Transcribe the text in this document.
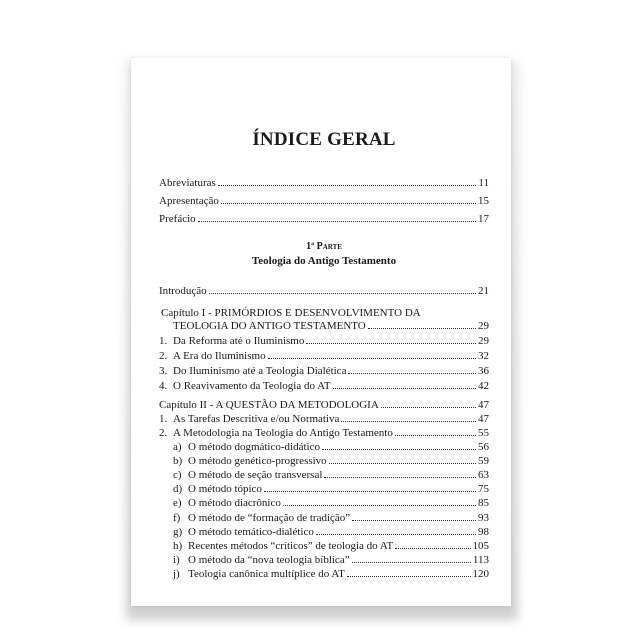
ÍNDICE GERAL
Abreviaturas	11
Apresentação	15
Prefácio	17
1ª Parte
Teologia do Antigo Testamento
Introdução	21
Capítulo I - PRIMÓRDIOS E DESENVOLVIMENTO DA
TEOLOGIA DO ANTIGO TESTAMENTO	29
1. Da Reforma até o Iluminismo	29
2. A Era do Iluminismo	32
3. Do Iluminismo até a Teologia Dialética	36
4. O Reavivamento da Teologia do AT	42
Capítulo II - A QUESTÃO DA METODOLOGIA	47
1. As Tarefas Descritiva e/ou Normativa	47
2. A Metodologia na Teologia do Antigo Testamento	55
a) O método dogmático-didático	56
b) O método genético-progressivo	59
c) O método de seção transversal	63
d) O método tópico	75
e) O método diacrônico	85
f) O método de “formação de tradição”	93
g) O método temático-dialético	98
h) Recentes métodos “críticos” de teologia do AT	105
i) O método da “nova teologia bíblica”	113
j) Teologia canônica multíplice do AT	120
